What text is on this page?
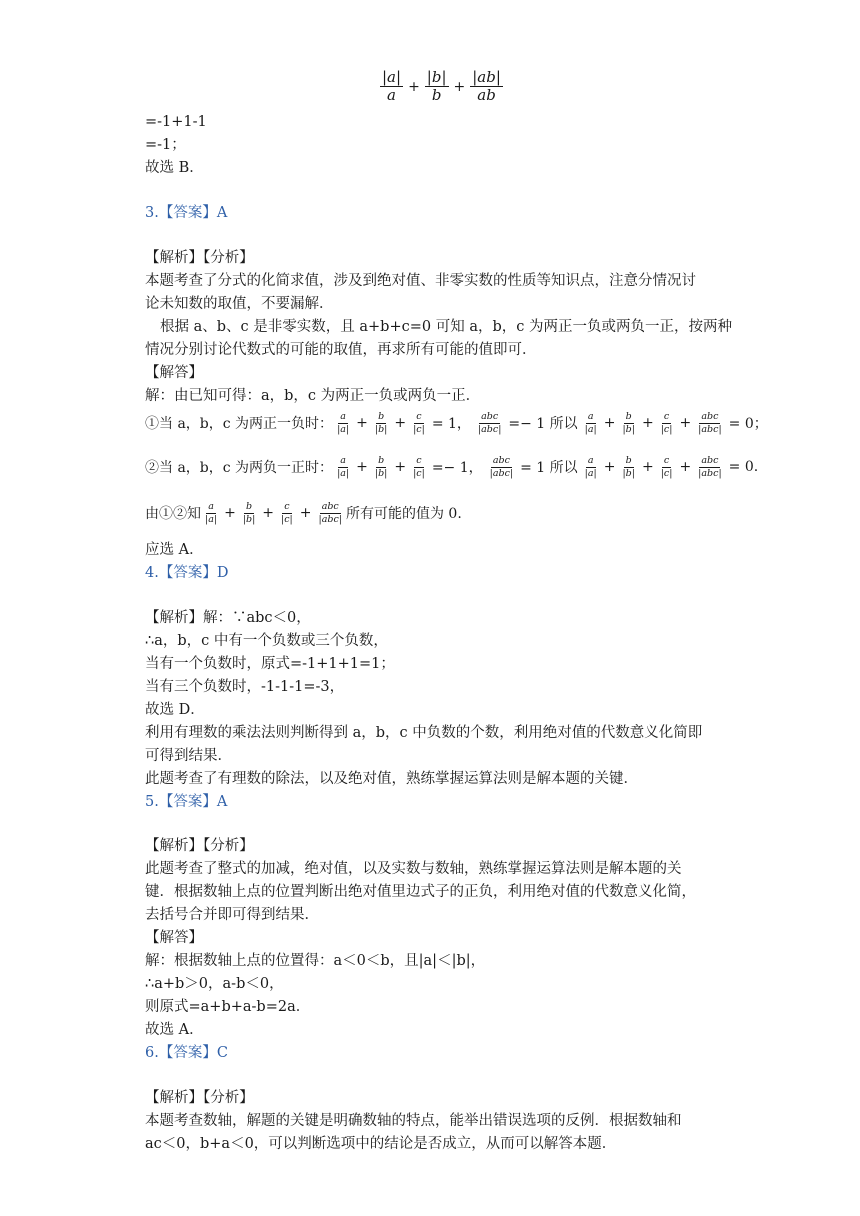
$\frac{|a|}{a} + \frac{|b|}{b} + \frac{|ab|}{ab}$
=-1+1-1
=-1；
故选 B．
3.【答案】A
【解析】【分析】
本题考查了分式的化简求值，涉及到绝对值、非零实数的性质等知识点，注意分情况讨
论未知数的取值，不要漏解．
根据 a、b、c 是非零实数，且 a+b+c=0 可知 a，b，c 为两正一负或两负一正，按两种
情况分别讨论代数式的可能的取值，再求所有可能的值即可．
【解答】
解：由已知可得：a，b，c 为两正一负或两负一正．
①当 a，b，c 为两正一负时： $\frac{a}{|a|} + \frac{b}{|b|} + \frac{c}{|c|} = 1$， $\frac{\text{abc}}{\text{|abc|}} =- 1$ 所以 $\frac{a}{|a|} + \frac{b}{|b|} + \frac{c}{|c|} + \frac{\text{abc}}{\text{|abc|}} = 0$；
②当 a，b，c 为两负一正时： $\frac{a}{|a|} + \frac{b}{|b|} + \frac{c}{|c|} =- 1$， $\frac{\text{abc}}{\text{|abc|}} = 1$ 所以 $\frac{a}{|a|} + \frac{b}{|b|} + \frac{c}{|c|} + \frac{\text{abc}}{\text{|abc|}} = 0$.
由①②知 $\frac{a}{|a|} + \frac{b}{|b|} + \frac{c}{|c|} + \frac{\text{abc}}{\text{|abc|}}$ 所有可能的值为 0.
应选 A．
4.【答案】D
【解析】解：∵abc＜0，
∴a，b，c 中有一个负数或三个负数，
当有一个负数时，原式=-1+1+1=1；
当有三个负数时，-1-1-1=-3，
故选 D．
利用有理数的乘法法则判断得到 a，b，c 中负数的个数，利用绝对值的代数意义化简即
可得到结果．
此题考查了有理数的除法，以及绝对值，熟练掌握运算法则是解本题的关键．
5.【答案】A
【解析】【分析】
此题考查了整式的加减，绝对值，以及实数与数轴，熟练掌握运算法则是解本题的关
键．根据数轴上点的位置判断出绝对值里边式子的正负，利用绝对值的代数意义化简，
去括号合并即可得到结果．
【解答】
解：根据数轴上点的位置得：a＜0＜b，且|a|＜|b|，
∴a+b＞0，a-b＜0，
则原式=a+b+a-b=2a．
故选 A．
6.【答案】C
【解析】【分析】
本题考查数轴，解题的关键是明确数轴的特点，能举出错误选项的反例．根据数轴和
ac＜0，b+a＜0，可以判断选项中的结论是否成立，从而可以解答本题．
